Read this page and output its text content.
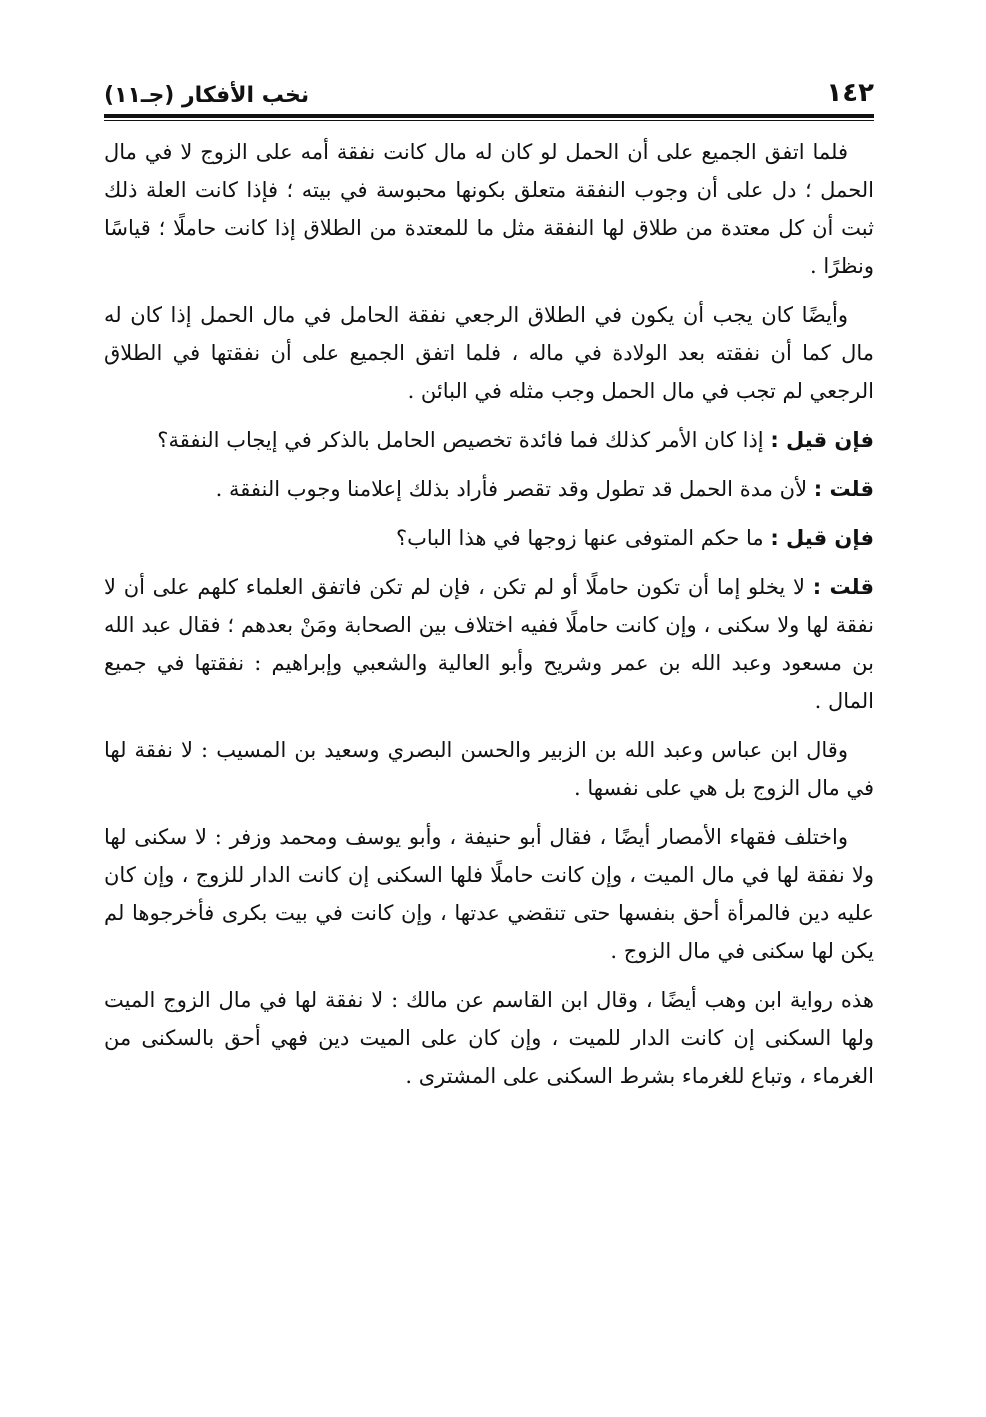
١٤٢
نخب الأفكار (جـ١١)

فلما اتفق الجميع على أن الحمل لو كان له مال كانت نفقة أمه على الزوج لا في مال الحمل ؛ دل على أن وجوب النفقة متعلق بكونها محبوسة في بيته ؛ فإذا كانت العلة ذلك ثبت أن كل معتدة من طلاق لها النفقة مثل ما للمعتدة من الطلاق إذا كانت حاملًا ؛ قياسًا ونظرًا .

وأيضًا كان يجب أن يكون في الطلاق الرجعي نفقة الحامل في مال الحمل إذا كان له مال كما أن نفقته بعد الولادة في ماله ، فلما اتفق الجميع على أن نفقتها في الطلاق الرجعي لم تجب في مال الحمل وجب مثله في البائن .

فإن قيل : إذا كان الأمر كذلك فما فائدة تخصيص الحامل بالذكر في إيجاب النفقة؟

قلت : لأن مدة الحمل قد تطول وقد تقصر فأراد بذلك إعلامنا وجوب النفقة .

فإن قيل : ما حكم المتوفى عنها زوجها في هذا الباب؟

قلت : لا يخلو إما أن تكون حاملًا أو لم تكن ، فإن لم تكن فاتفق العلماء كلهم على أن لا نفقة لها ولا سكنى ، وإن كانت حاملًا ففيه اختلاف بين الصحابة ومَنْ بعدهم ؛ فقال عبد الله بن مسعود وعبد الله بن عمر وشريح وأبو العالية والشعبي وإبراهيم : نفقتها في جميع المال .

وقال ابن عباس وعبد الله بن الزبير والحسن البصري وسعيد بن المسيب : لا نفقة لها في مال الزوج بل هي على نفسها .

واختلف فقهاء الأمصار أيضًا ، فقال أبو حنيفة ، وأبو يوسف ومحمد وزفر : لا سكنى لها ولا نفقة لها في مال الميت ، وإن كانت حاملًا فلها السكنى إن كانت الدار للزوج ، وإن كان عليه دين فالمرأة أحق بنفسها حتى تنقضي عدتها ، وإن كانت في بيت بكرى فأخرجوها لم يكن لها سكنى في مال الزوج .

هذه رواية ابن وهب أيضًا ، وقال ابن القاسم عن مالك : لا نفقة لها في مال الزوج الميت ولها السكنى إن كانت الدار للميت ، وإن كان على الميت دين فهي أحق بالسكنى من الغرماء ، وتباع للغرماء بشرط السكنى على المشترى .
